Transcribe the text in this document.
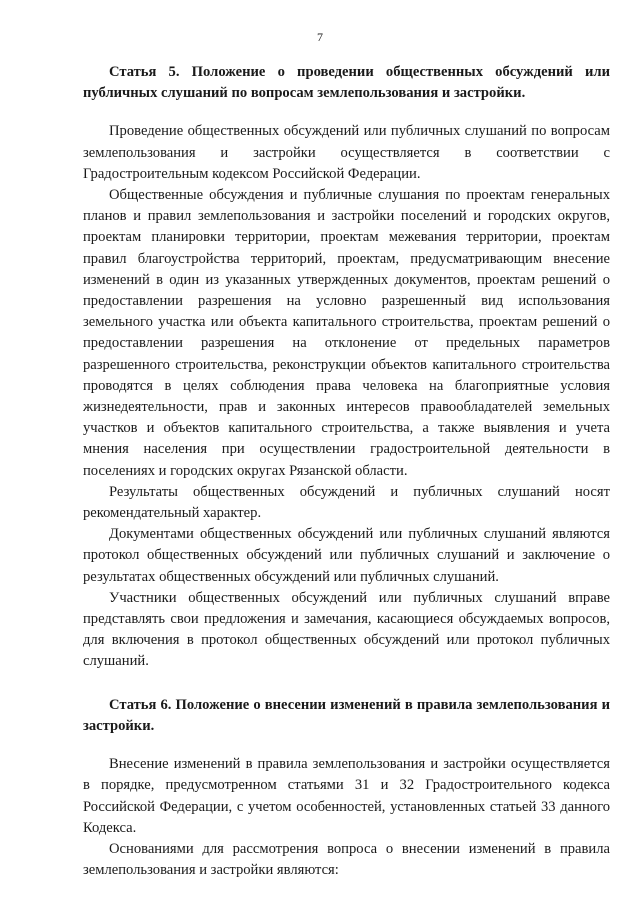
7

Статья 5. Положение о проведении общественных обсуждений или публичных слушаний по вопросам землепользования и застройки.

Проведение общественных обсуждений или публичных слушаний по вопросам землепользования и застройки осуществляется в соответствии с Градостроительным кодексом Российской Федерации.

Общественные обсуждения и публичные слушания по проектам генеральных планов и правил землепользования и застройки поселений и городских округов, проектам планировки территории, проектам межевания территории, проектам правил благоустройства территорий, проектам, предусматривающим внесение изменений в один из указанных утвержденных документов, проектам решений о предоставлении разрешения на условно разрешенный вид использования земельного участка или объекта капитального строительства, проектам решений о предоставлении разрешения на отклонение от предельных параметров разрешенного строительства, реконструкции объектов капитального строительства проводятся в целях соблюдения права человека на благоприятные условия жизнедеятельности, прав и законных интересов правообладателей земельных участков и объектов капитального строительства, а также выявления и учета мнения населения при осуществлении градостроительной деятельности в поселениях и городских округах Рязанской области.

Результаты общественных обсуждений и публичных слушаний носят рекомендательный характер.

Документами общественных обсуждений или публичных слушаний являются протокол общественных обсуждений или публичных слушаний и заключение о результатах общественных обсуждений или публичных слушаний.

Участники общественных обсуждений или публичных слушаний вправе представлять свои предложения и замечания, касающиеся обсуждаемых вопросов, для включения в протокол общественных обсуждений или протокол публичных слушаний.

Статья 6. Положение о внесении изменений в правила землепользования и застройки.

Внесение изменений в правила землепользования и застройки осуществляется в порядке, предусмотренном статьями 31 и 32 Градостроительного кодекса Российской Федерации, с учетом особенностей, установленных статьей 33 данного Кодекса.

Основаниями для рассмотрения вопроса о внесении изменений в правила землепользования и застройки являются:
